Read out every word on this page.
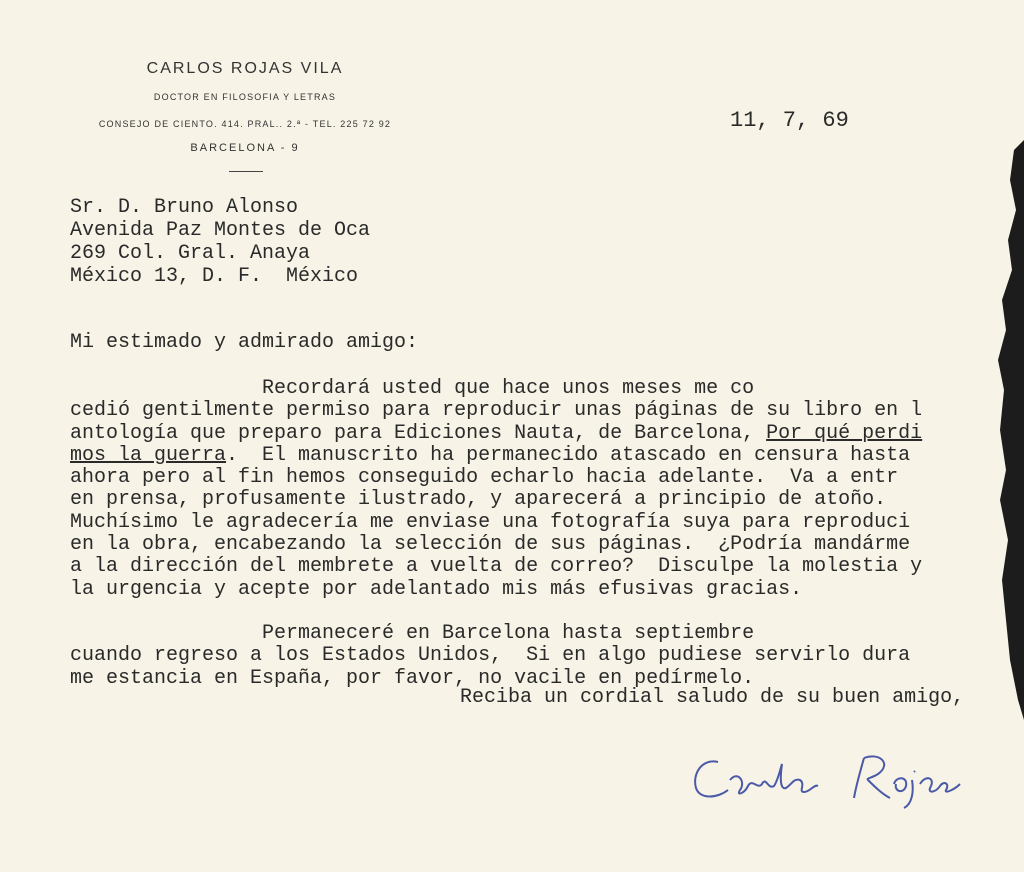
CARLOS ROJAS VILA
DOCTOR EN FILOSOFIA Y LETRAS
CONSEJO DE CIENTO. 414. PRAL.. 2.ª - TEL. 225 72 92
BARCELONA - 9
11, 7, 69
Sr. D. Bruno Alonso
Avenida Paz Montes de Oca
269 Col. Gral. Anaya
México 13, D. F.  México
Mi estimado y admirado amigo:
Recordará usted que hace unos meses me co
cedió gentilmente permiso para reproducir unas páginas de su libro en l
antología que preparo para Ediciones Nauta, de Barcelona, Por qué perdi
mos la guerra.  El manuscrito ha permanecido atascado en censura hasta
ahora pero al fin hemos conseguido echarlo hacia adelante.  Va a entr
en prensa, profusamente ilustrado, y aparecerá a principio de atoño.
Muchísimo le agradecería me enviase una fotografía suya para reproduci
en la obra, encabezando la selección de sus páginas.  ¿Podría mandárme
a la dirección del membrete a vuelta de correo?  Disculpe la molestia y
la urgencia y acepte por adelantado mis más efusivas gracias.
Permaneceré en Barcelona hasta septiembre
cuando regreso a los Estados Unidos,  Si en algo pudiese servirlo dura
me estancia en España, por favor, no vacile en pedírmelo.
Reciba un cordial saludo de su buen amigo,
